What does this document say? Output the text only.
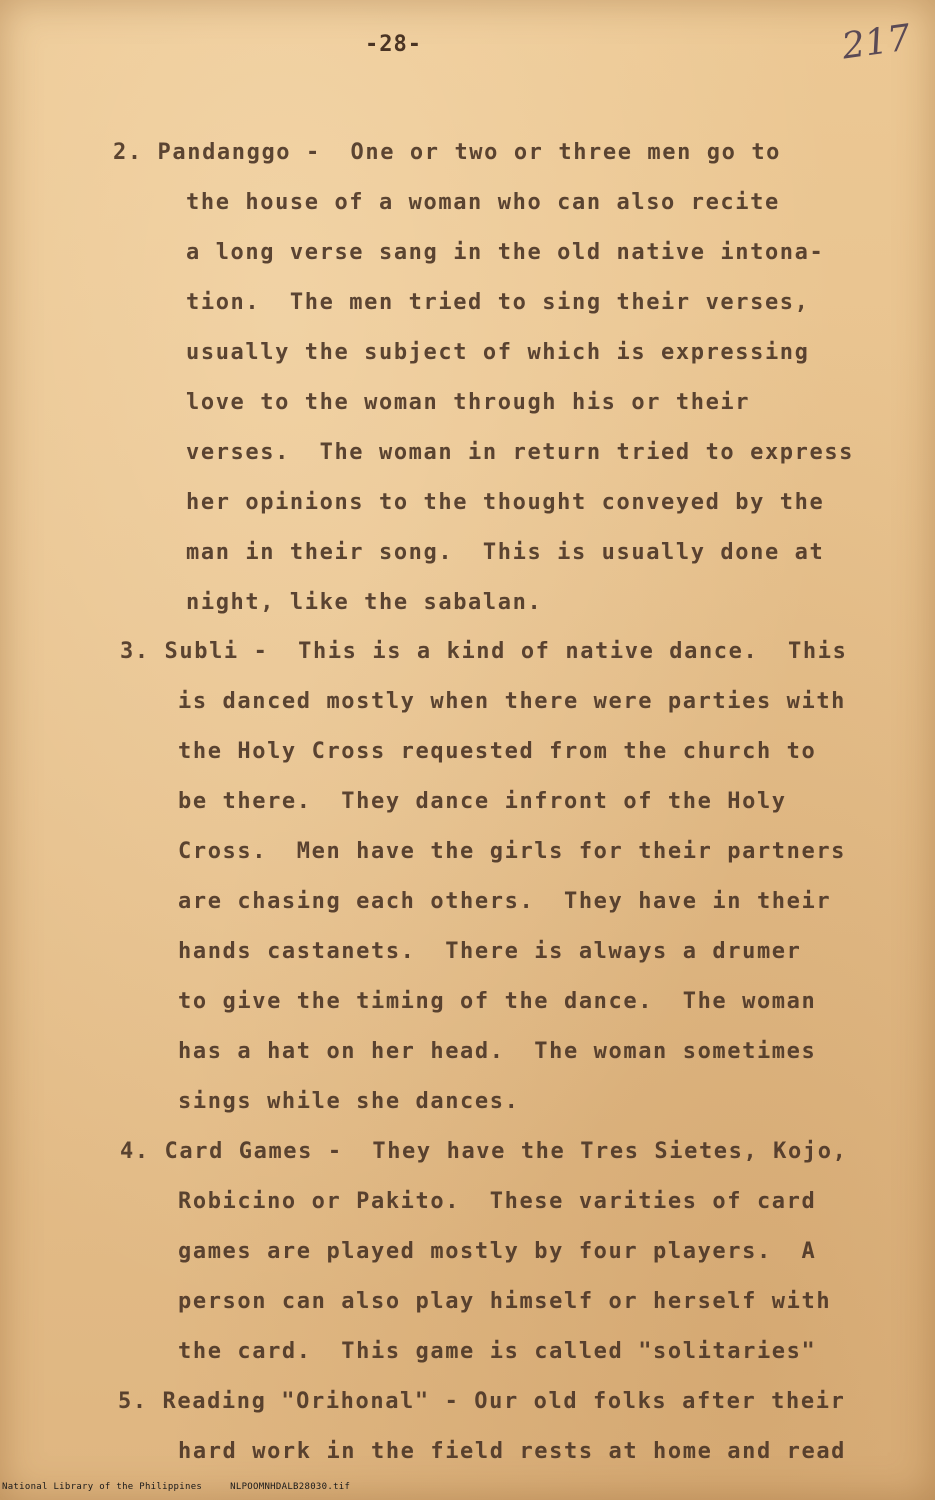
-28-	217
2. Pandanggo -  One or two or three men go to
the house of a woman who can also recite
a long verse sang in the old native intona-
tion.  The men tried to sing their verses,
usually the subject of which is expressing
love to the woman through his or their
verses.  The woman in return tried to express
her opinions to the thought conveyed by the
man in their song.  This is usually done at
night, like the sabalan.
3. Subli -  This is a kind of native dance.  This
is danced mostly when there were parties with
the Holy Cross requested from the church to
be there.  They dance infront of the Holy
Cross.  Men have the girls for their partners
are chasing each others.  They have in their
hands castanets.  There is always a drumer
to give the timing of the dance.  The woman
has a hat on her head.  The woman sometimes
sings while she dances.
4. Card Games -  They have the Tres Sietes, Kojo,
Robicino or Pakito.  These varities of card
games are played mostly by four players.  A
person can also play himself or herself with
the card.  This game is called "solitaries"
5. Reading "Orihonal" - Our old folks after their
hard work in the field rests at home and read
National Library of the Philippines	NLPOOMNHDALB28030.tif
